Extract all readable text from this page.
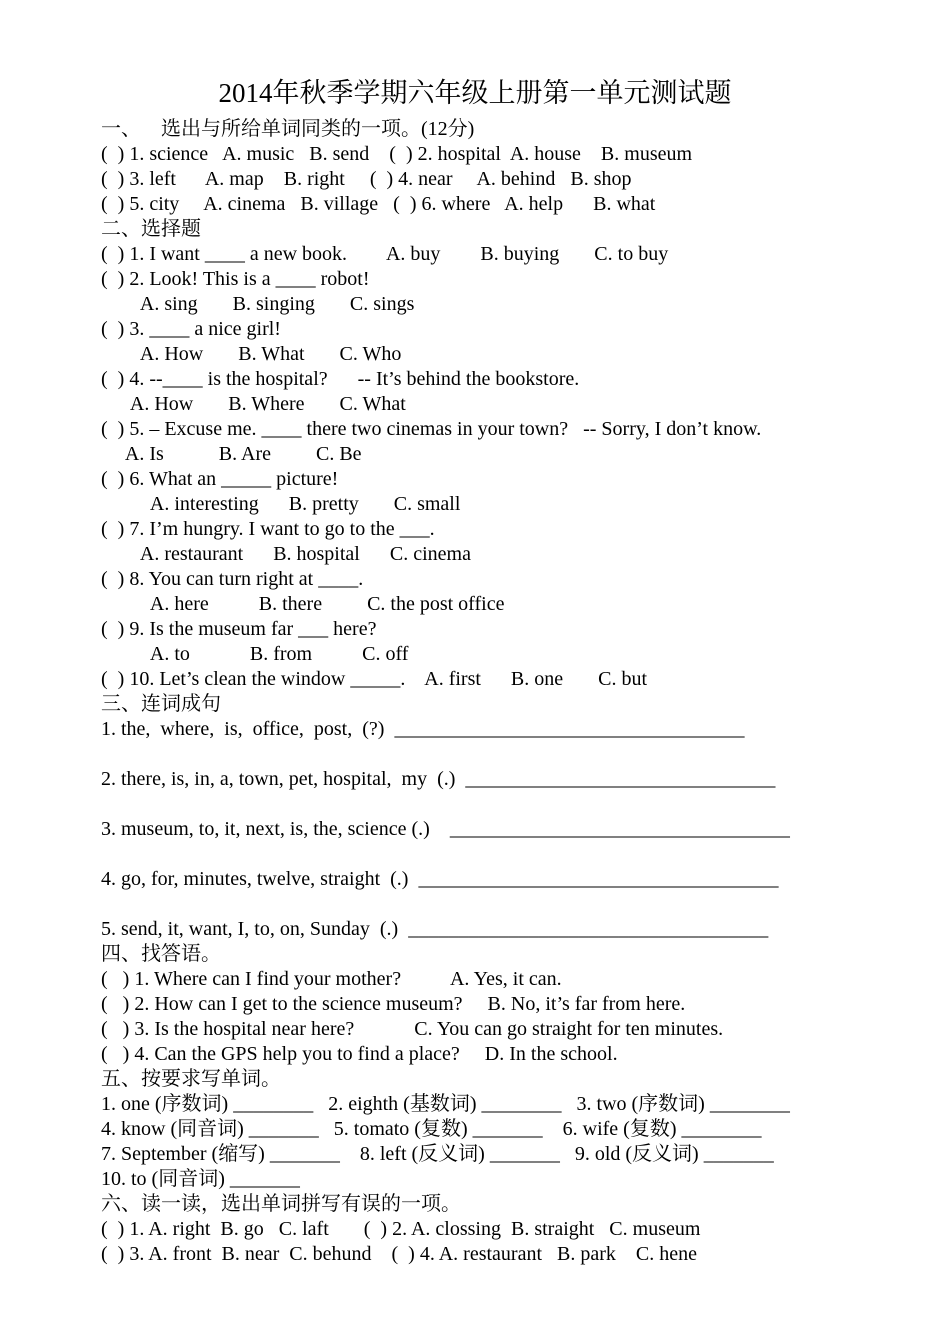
2014年秋季学期六年级上册第一单元测试题
一、    选出与所给单词同类的一项。(12分)
(  ) 1. science   A. music   B. send    (  ) 2. hospital  A. house    B. museum
(  ) 3. left      A. map    B. right     (  ) 4. near     A. behind   B. shop
(  ) 5. city     A. cinema   B. village   (  ) 6. where   A. help      B. what
二、选择题
(  ) 1. I want ____ a new book.        A. buy        B. buying       C. to buy
(  ) 2. Look! This is a ____ robot!
A. sing       B. singing       C. sings
(  ) 3. ____ a nice girl!
A. How       B. What       C. Who
(  ) 4. --____ is the hospital?      -- It’s behind the bookstore.
A. How       B. Where       C. What
(  ) 5. – Excuse me. ____ there two cinemas in your town?   -- Sorry, I don’t know.
A. Is           B. Are         C. Be
(  ) 6. What an _____ picture!
A. interesting      B. pretty       C. small
(  ) 7. I’m hungry. I want to go to the ___.
A. restaurant      B. hospital      C. cinema
(  ) 8. You can turn right at ____.
A. here          B. there         C. the post office
(  ) 9. Is the museum far ___ here?
A. to            B. from          C. off
(  ) 10. Let’s clean the window _____.    A. first      B. one       C. but
三、连词成句
1. the,  where,  is,  office,  post,  (?)  ___________________________________
2. there, is, in, a, town, pet, hospital,  my  (.)  _______________________________
3. museum, to, it, next, is, the, science (.)    __________________________________
4. go, for, minutes, twelve, straight  (.)  ____________________________________
5. send, it, want, I, to, on, Sunday  (.)  ____________________________________
四、找答语。
(   ) 1. Where can I find your mother?          A. Yes, it can.
(   ) 2. How can I get to the science museum?     B. No, it’s far from here.
(   ) 3. Is the hospital near here?            C. You can go straight for ten minutes.
(   ) 4. Can the GPS help you to find a place?     D. In the school.
五、按要求写单词。
1. one (序数词) ________   2. eighth (基数词) ________   3. two (序数词) ________
4. know (同音词) _______   5. tomato (复数) _______    6. wife (复数) ________
7. September (缩写) _______    8. left (反义词) _______   9. old (反义词) _______
10. to (同音词) _______
六、读一读，选出单词拼写有误的一项。
(  ) 1. A. right  B. go   C. laft       (  ) 2. A. clossing  B. straight   C. museum
(  ) 3. A. front  B. near  C. behund    (  ) 4. A. restaurant   B. park    C. hene
